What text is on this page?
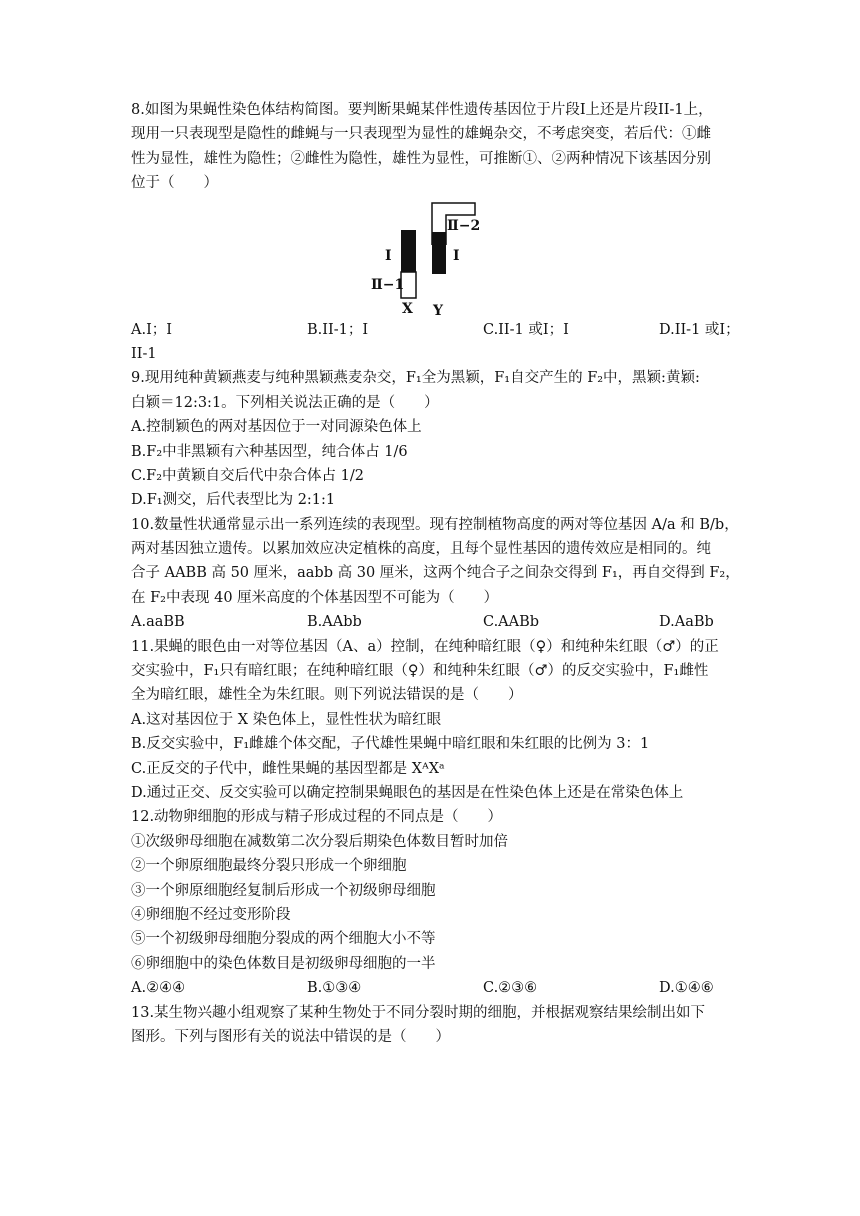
8.如图为果蝇性染色体结构简图。要判断果蝇某伴性遗传基因位于片段I上还是片段II-1上，
现用一只表现型是隐性的雌蝇与一只表现型为显性的雄蝇杂交，不考虑突变，若后代：①雌
性为显性，雄性为隐性；②雌性为隐性，雄性为显性，可推断①、②两种情况下该基因分别
位于（　　）
Ⅱ−2
I	I
Ⅱ−1
X Y
A.I；I	B.II-1；I	C.II-1 或I；I	D.II-1 或I；
II-1
9.现用纯种黄颖燕麦与纯种黑颖燕麦杂交，F₁全为黑颖，F₁自交产生的 F₂中，黑颖:黄颖:
白颖＝12:3:1。下列相关说法正确的是（　　）
A.控制颖色的两对基因位于一对同源染色体上
B.F₂中非黑颖有六种基因型，纯合体占 1/6
C.F₂中黄颖自交后代中杂合体占 1/2
D.F₁测交，后代表型比为 2:1:1
10.数量性状通常显示出一系列连续的表现型。现有控制植物高度的两对等位基因 A/a 和 B/b，
两对基因独立遗传。以累加效应决定植株的高度，且每个显性基因的遗传效应是相同的。纯
合子 AABB 高 50 厘米，aabb 高 30 厘米，这两个纯合子之间杂交得到 F₁，再自交得到 F₂，
在 F₂中表现 40 厘米高度的个体基因型不可能为（　　）
A.aaBB	B.AAbb	C.AABb	D.AaBb
11.果蝇的眼色由一对等位基因（A、a）控制，在纯种暗红眼（♀）和纯种朱红眼（♂）的正
交实验中，F₁只有暗红眼；在纯种暗红眼（♀）和纯种朱红眼（♂）的反交实验中，F₁雌性
全为暗红眼，雄性全为朱红眼。则下列说法错误的是（　　）
A.这对基因位于 X 染色体上，显性性状为暗红眼
B.反交实验中，F₁雌雄个体交配，子代雄性果蝇中暗红眼和朱红眼的比例为 3：1
C.正反交的子代中，雌性果蝇的基因型都是 XᴬXᵃ
D.通过正交、反交实验可以确定控制果蝇眼色的基因是在性染色体上还是在常染色体上
12.动物卵细胞的形成与精子形成过程的不同点是（　　）
①次级卵母细胞在减数第二次分裂后期染色体数目暂时加倍
②一个卵原细胞最终分裂只形成一个卵细胞
③一个卵原细胞经复制后形成一个初级卵母细胞
④卵细胞不经过变形阶段
⑤一个初级卵母细胞分裂成的两个细胞大小不等
⑥卵细胞中的染色体数目是初级卵母细胞的一半
A.②④④	B.①③④	C.②③⑥	D.①④⑥
13.某生物兴趣小组观察了某种生物处于不同分裂时期的细胞，并根据观察结果绘制出如下
图形。下列与图形有关的说法中错误的是（　　）
